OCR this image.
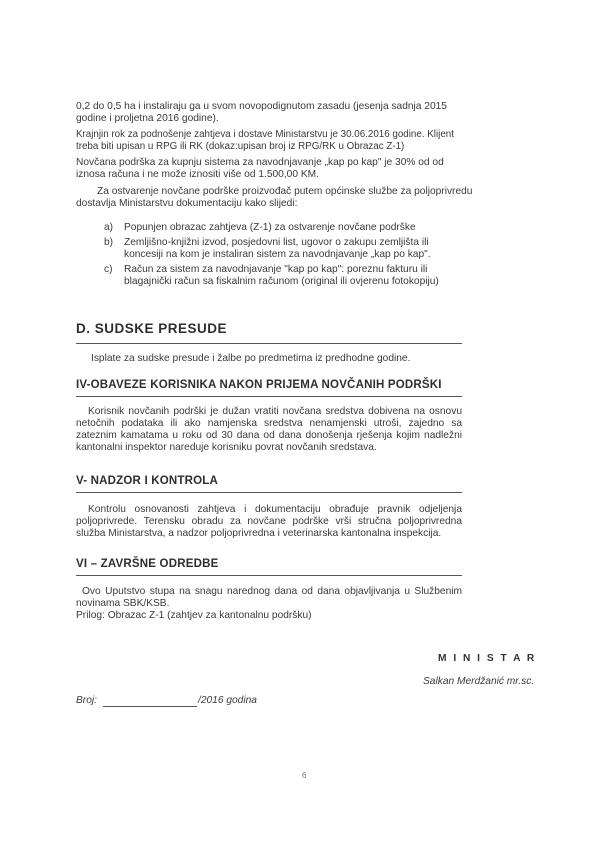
0,2 do 0,5 ha i instaliraju ga u svom novopodignutom zasadu (jesenja sadnja 2015
godine i proljetna 2016 godine).
Krajnjin rok za podnošenje zahtjeva i dostave Ministarstvu je 30.06.2016 godine. Klijent
treba biti upisan u RPG ili RK (dokaz:upisan broj iz RPG/RK u Obrazac Z-1)
Novčana podrška za kupnju sistema za navodnjavanje „kap po kap" je 30% od od
iznosa računa i ne može iznositi više od 1.500,00 KM.
Za ostvarenje novčane podrške proizvođač putem općinske službe za poljoprivredu
dostavlja Ministarstvu dokumentaciju kako slijedi:
a)	Popunjen obrazac zahtjeva (Z-1) za ostvarenje novčane podrške
b)	Zemljišno-knjižni izvod, posjedovni list, ugovor o zakupu zemljišta ili koncesiji na kom je instaliran sistem za navodnjavanje „kap po kap".
c)	Račun za sistem za navodnjavanje "kap po kap": poreznu fakturu ili blagajnički račun sa fiskalnim računom (original ili ovjerenu fotokopiju)
D. SUDSKE PRESUDE
Isplate za sudske presude i žalbe po predmetima iz predhodne godine.
IV-OBAVEZE KORISNIKA NAKON PRIJEMA NOVČANIH PODRŠKI
Korisnik novčanih podrški je dužan vratiti novčana sredstva dobivena na osnovu netočnih podataka ili ako namjenska sredstva nenamjenski utroši, zajedno sa zateznim kamatama u roku od 30 dana od dana donošenja rješenja kojim nadležni kantonalni inspektor nareduje korisniku povrat novčanih sredstava.
V- NADZOR I KONTROLA
Kontrolu osnovanosti zahtjeva i dokumentaciju obrađuje pravnik odjeljenja poljoprivrede. Terensku obradu za novčane podrške vrši stručna poljoprivredna služba Ministarstva, a nadzor poljoprivredna i veterinarska kantonalna inspekcija.
VI – ZAVRŠNE ODREDBE
Ovo Uputstvo stupa na snagu narednog dana od dana objavljivanja u Službenim novinama SBK/KSB.
Prilog: Obrazac Z-1 (zahtjev za kantonalnu podršku)
M I N I S T A R
Salkan Merdžanić mr.sc.
Broj:	/2016 godina
6
